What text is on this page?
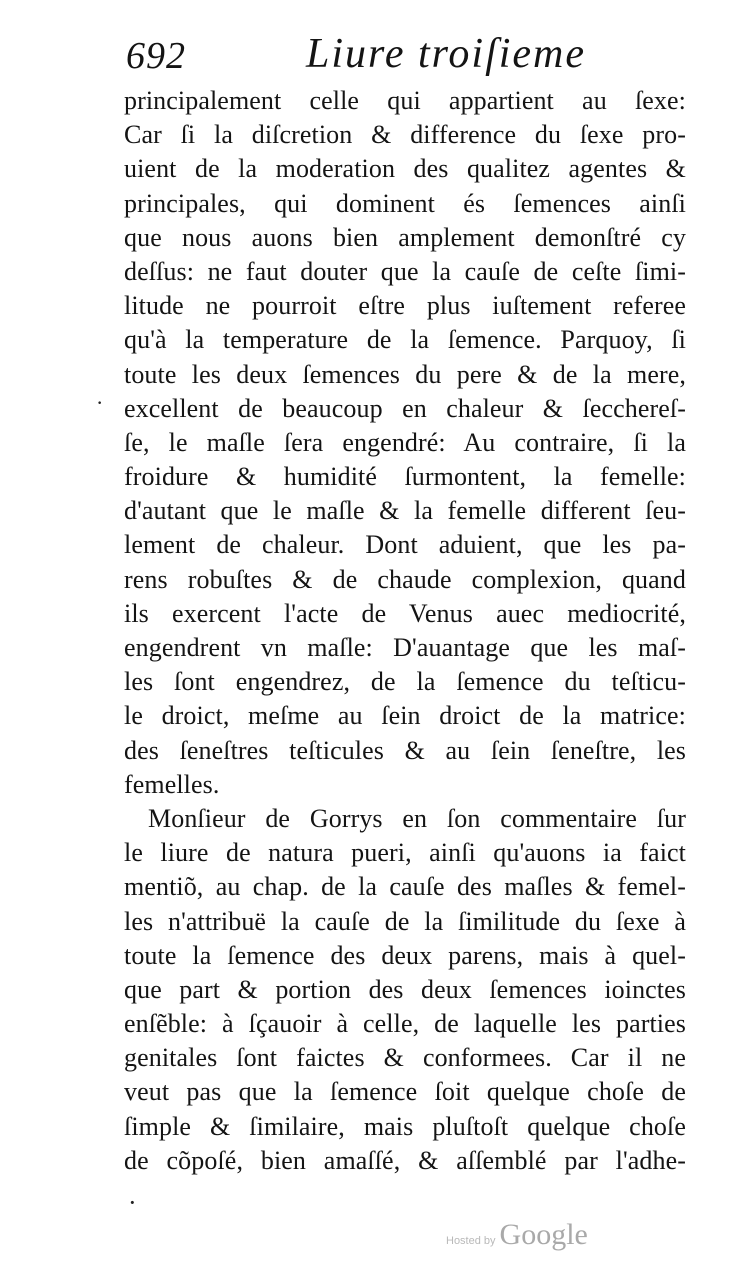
692	Liure troiſieme
principalement celle qui appartient au ſexe:
Car ſi la diſcretion & difference du ſexe pro-
uient de la moderation des qualitez agentes &
principales, qui dominent és ſemences ainſi
que nous auons bien amplement demonſtré cy
deſſus: ne faut douter que la cauſe de ceſte ſimi-
litude ne pourroit eſtre plus iuſtement referee
qu'à la temperature de la ſemence. Parquoy, ſi
toute les deux ſemences du pere & de la mere,
excellent de beaucoup en chaleur & ſecchereſ-
ſe, le maſle ſera engendré: Au contraire, ſi la
froidure & humidité ſurmontent, la femelle:
d'autant que le maſle & la femelle different ſeu-
lement de chaleur. Dont aduient, que les pa-
rens robuſtes & de chaude complexion, quand
ils exercent l'acte de Venus auec mediocrité,
engendrent vn maſle: D'auantage que les maſ-
les ſont engendrez, de la ſemence du teſticu-
le droict, meſme au ſein droict de la matrice:
des ſeneſtres teſticules & au ſein ſeneſtre, les
femelles.
Monſieur de Gorrys en ſon commentaire ſur
le liure de natura pueri, ainſi qu'auons ia faict
mentiõ, au chap. de la cauſe des maſles & femel-
les n'attribuë la cauſe de la ſimilitude du ſexe à
toute la ſemence des deux parens, mais à quel-
que part & portion des deux ſemences ioinctes
enſẽble: à ſçauoir à celle, de laquelle les parties
genitales ſont faictes & conformees. Car il ne
veut pas que la ſemence ſoit quelque choſe de
ſimple & ſimilaire, mais pluſtoſt quelque choſe
de cõpoſé, bien amaſſé, & aſſemblé par l'adhe-
·
·
Hosted by Google
